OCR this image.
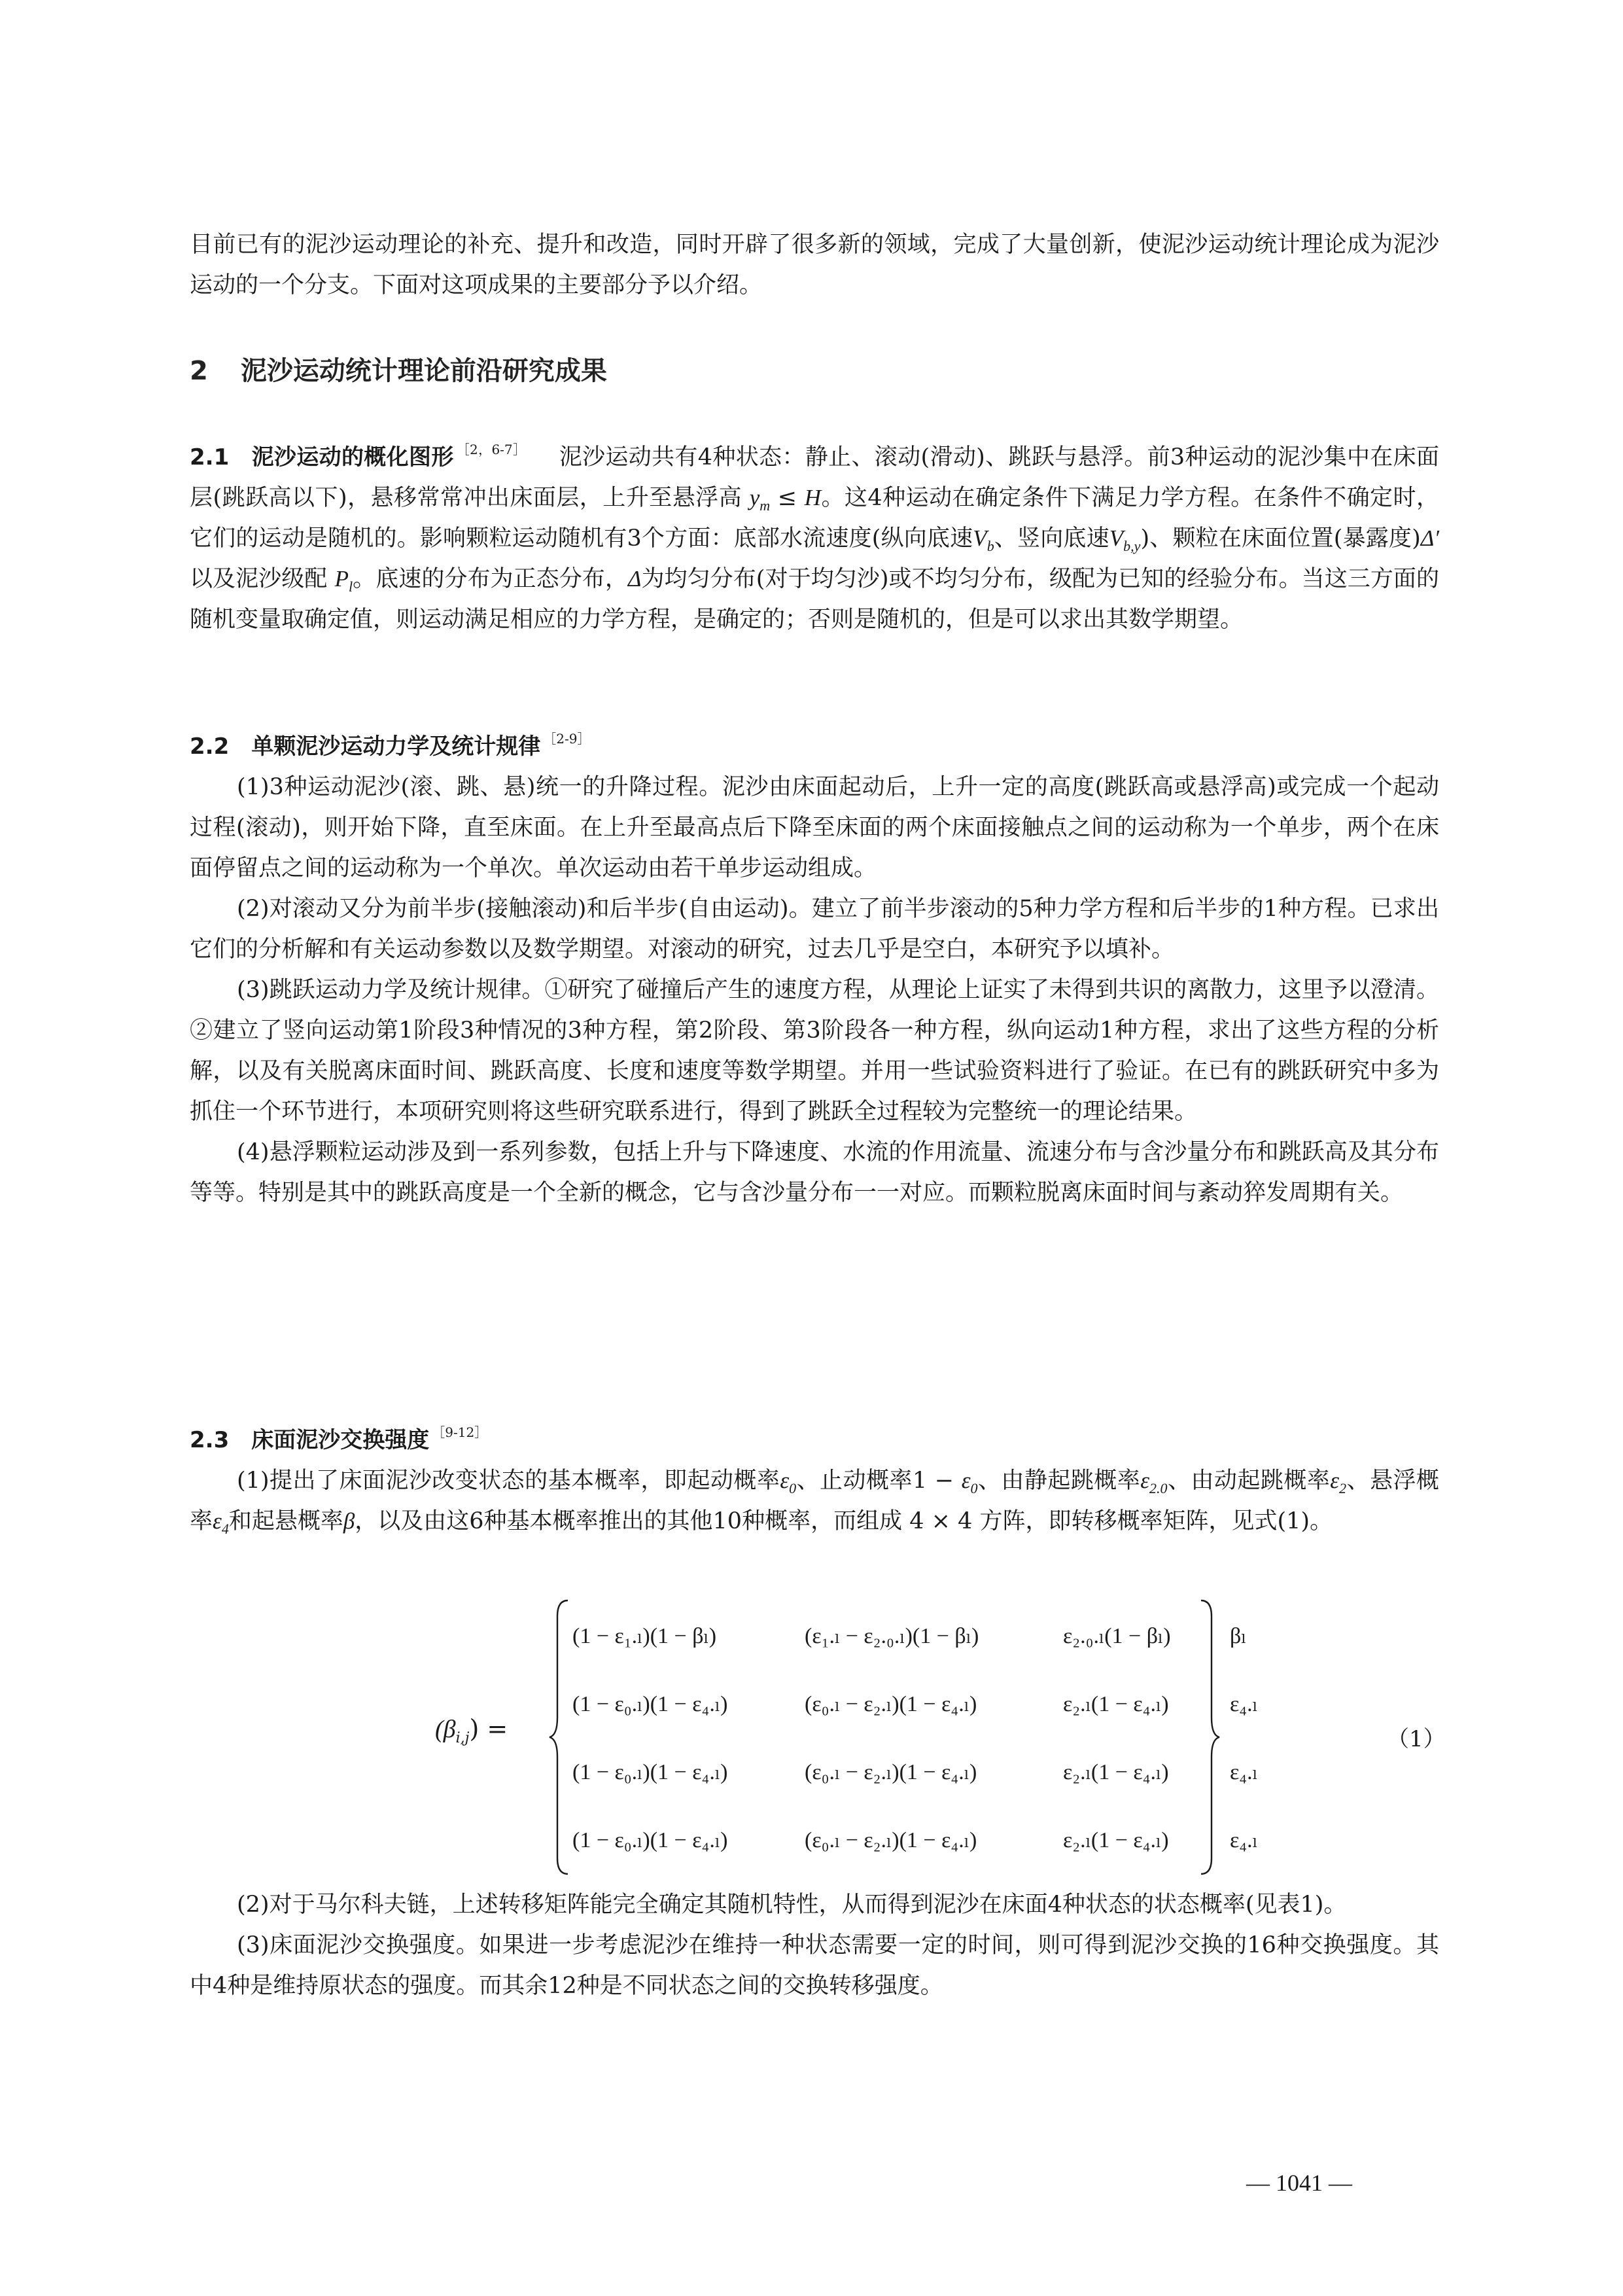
目前已有的泥沙运动理论的补充、提升和改造，同时开辟了很多新的领域，完成了大量创新，使泥沙运动统计理论成为泥沙运动的一个分支。下面对这项成果的主要部分予以介绍。

2 泥沙运动统计理论前沿研究成果

2.1 泥沙运动的概化图形 $^{[2,6-7]}$ 泥沙运动共有4种状态：静止、滚动(滑动)、跳跃与悬浮。前3种运动的泥沙集中在床面层(跳跃高以下)，悬移常常冲出床面层，上升至悬浮高 $y_m \le H$。这4种运动在确定条件下满足力学方程。在条件不确定时，它们的运动是随机的。影响颗粒运动随机有3个方面：底部水流速度(纵向底速$V_b$、竖向底速$V_{b,y}$)、颗粒在床面位置(暴露度)Δ′以及泥沙级配 $P_l$。底速的分布为正态分布，Δ为均匀分布(对于均匀沙)或不均匀分布，级配为已知的经验分布。当这三方面的随机变量取确定值，则运动满足相应的力学方程，是确定的；否则是随机的，但是可以求出其数学期望。

2.2 单颗泥沙运动力学及统计规律 $^{[2-9]}$

(1)3种运动泥沙(滚、跳、悬)统一的升降过程。泥沙由床面起动后，上升一定的高度(跳跃高或悬浮高)或完成一个起动过程(滚动)，则开始下降，直至床面。在上升至最高点后下降至床面的两个床面接触点之间的运动称为一个单步，两个在床面停留点之间的运动称为一个单次。单次运动由若干单步运动组成。

(2)对滚动又分为前半步(接触滚动)和后半步(自由运动)。建立了前半步滚动的5种力学方程和后半步的1种方程。已求出它们的分析解和有关运动参数以及数学期望。对滚动的研究，过去几乎是空白，本研究予以填补。

(3)跳跃运动力学及统计规律。①研究了碰撞后产生的速度方程，从理论上证实了未得到共识的离散力，这里予以澄清。②建立了竖向运动第1阶段3种情况的3种方程，第2阶段、第3阶段各一种方程，纵向运动1种方程，求出了这些方程的分析解，以及有关脱离床面时间、跳跃高度、长度和速度等数学期望。并用一些试验资料进行了验证。在已有的跳跃研究中多为抓住一个环节进行，本项研究则将这些研究联系进行，得到了跳跃全过程较为完整统一的理论结果。

(4)悬浮颗粒运动涉及到一系列参数，包括上升与下降速度、水流的作用流量、流速分布与含沙量分布和跳跃高及其分布等等。特别是其中的跳跃高度是一个全新的概念，它与含沙量分布一一对应。而颗粒脱离床面时间与紊动猝发周期有关。

2.3 床面泥沙交换强度 $^{[9-12]}$

(1)提出了床面泥沙改变状态的基本概率，即起动概率$\varepsilon_0$、止动概率$1 - \varepsilon_0$、由静起跳概率$\varepsilon_{2.0}$、由动起跳概率$\varepsilon_2$、悬浮概率$\varepsilon_4$和起悬概率β，以及由这6种基本概率推出的其他10种概率，而组成 4 × 4 方阵，即转移概率矩阵，见式(1)。

$(\beta_{i,j})$ =
(1 − ε₁.ₗ)(1 − βₗ)	(ε₁.ₗ − ε₂.₀.ₗ)(1 − βₗ)	ε₂.₀.ₗ(1 − βₗ)	βₗ
(1 − ε₀.ₗ)(1 − ε₄.ₗ)	(ε₀.ₗ − ε₂.ₗ)(1 − ε₄.ₗ)	ε₂.ₗ(1 − ε₄.ₗ)	ε₄.ₗ
(1 − ε₀.ₗ)(1 − ε₄.ₗ)	(ε₀.ₗ − ε₂.ₗ)(1 − ε₄.ₗ)	ε₂.ₗ(1 − ε₄.ₗ)	ε₄.ₗ
(1 − ε₀.ₗ)(1 − ε₄.ₗ)	(ε₀.ₗ − ε₂.ₗ)(1 − ε₄.ₗ)	ε₂.ₗ(1 − ε₄.ₗ)	ε₄.ₗ
（1）

(2)对于马尔科夫链，上述转移矩阵能完全确定其随机特性，从而得到泥沙在床面4种状态的状态概率(见表1)。

(3)床面泥沙交换强度。如果进一步考虑泥沙在维持一种状态需要一定的时间，则可得到泥沙交换的16种交换强度。其中4种是维持原状态的强度。而其余12种是不同状态之间的交换转移强度。

— 1041 —
